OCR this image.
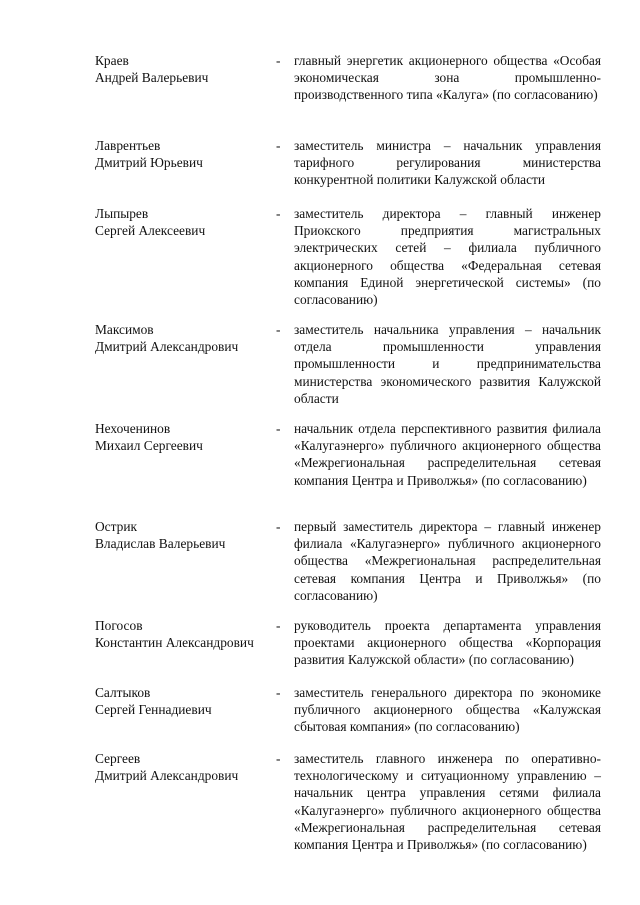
Краев
Андрей Валерьевич
- главный энергетик акционерного общества «Особая экономическая зона промышленно-производственного типа «Калуга» (по согласованию)
Лаврентьев
Дмитрий Юрьевич
- заместитель министра – начальник управления тарифного регулирования министерства конкурентной политики Калужской области
Лыпырев
Сергей Алексеевич
- заместитель директора – главный инженер Приокского предприятия магистральных электрических сетей – филиала публичного акционерного общества «Федеральная сетевая компания Единой энергетической системы» (по согласованию)
Максимов
Дмитрий Александрович
- заместитель начальника управления – начальник отдела промышленности управления промышленности и предпринимательства министерства экономического развития Калужской области
Нехочeнинов
Михаил Сергеевич
- начальник отдела перспективного развития филиала «Калугаэнерго» публичного акционерного общества «Межрегиональная распределительная сетевая компания Центра и Приволжья» (по согласованию)
Острик
Владислав Валерьевич
- первый заместитель директора – главный инженер филиала «Калугаэнерго» публичного акционерного общества «Межрегиональная распределительная сетевая компания Центра и Приволжья» (по согласованию)
Погосов
Константин Александрович
- руководитель проекта департамента управления проектами акционерного общества «Корпорация развития Калужской области» (по согласованию)
Салтыков
Сергей Геннадиевич
- заместитель генерального директора по экономике публичного акционерного общества «Калужская сбытовая компания» (по согласованию)
Сергеев
Дмитрий Александрович
- заместитель главного инженера по оперативно-технологическому и ситуационному управлению – начальник центра управления сетями филиала «Калугаэнерго» публичного акционерного общества «Межрегиональная распределительная сетевая компания Центра и Приволжья» (по согласованию)
